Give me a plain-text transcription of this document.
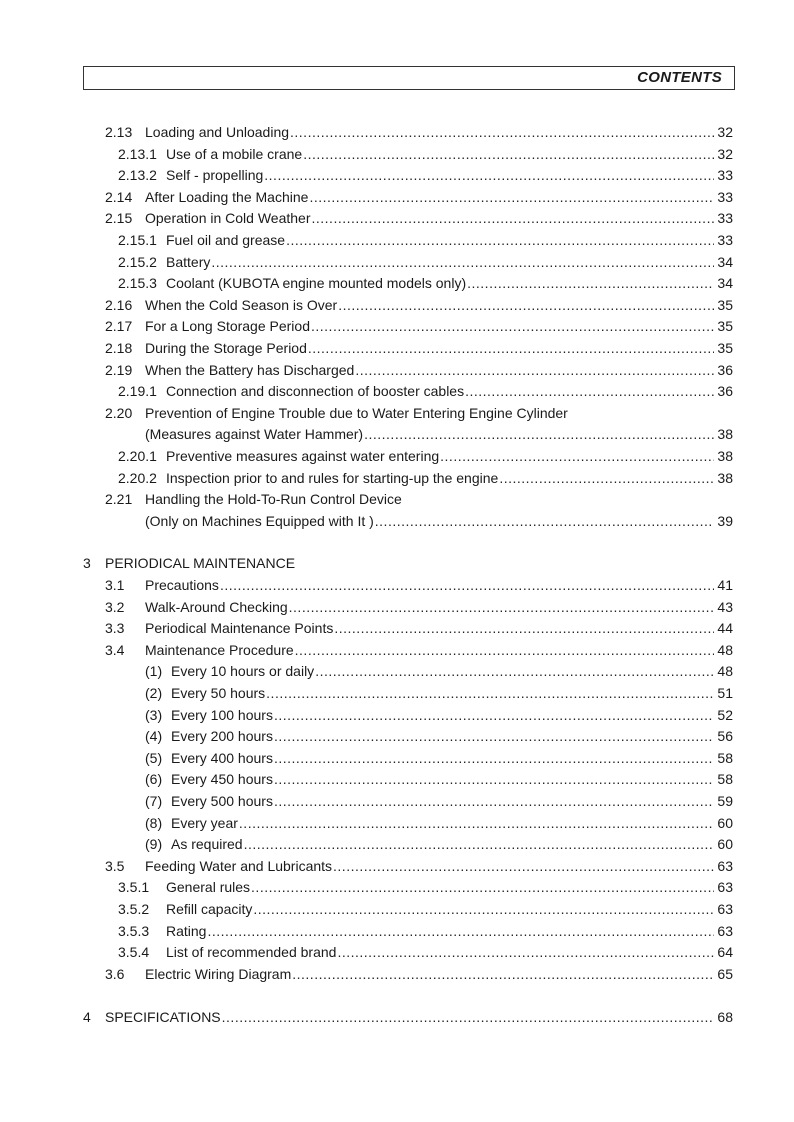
CONTENTS
2.13 Loading and Unloading .....	32
2.13.1 Use of a mobile crane .....	32
2.13.2 Self - propelling .....	33
2.14 After Loading the Machine .....	33
2.15 Operation in Cold Weather .....	33
2.15.1 Fuel oil and grease .....	33
2.15.2 Battery .....	34
2.15.3 Coolant (KUBOTA engine mounted models only) .....	34
2.16 When the Cold Season is Over .....	35
2.17 For a Long Storage Period .....	35
2.18 During the Storage Period .....	35
2.19 When the Battery has Discharged .....	36
2.19.1 Connection and disconnection of booster cables .....	36
2.20 Prevention of Engine Trouble due to Water Entering Engine Cylinder
(Measures against Water Hammer) .....	38
2.20.1 Preventive measures against water entering .....	38
2.20.2 Inspection prior to and rules for starting-up the engine .....	38
2.21 Handling the Hold-To-Run Control Device
(Only on Machines Equipped with It ) .....	39
3 PERIODICAL MAINTENANCE
3.1	Precautions .....	41
3.2	Walk-Around Checking .....	43
3.3	Periodical Maintenance Points .....	44
3.4	Maintenance Procedure .....	48
(1) Every 10 hours or daily .....	48
(2) Every 50 hours .....	51
(3) Every 100 hours .....	52
(4) Every 200 hours .....	56
(5) Every 400 hours .....	58
(6) Every 450 hours .....	58
(7) Every 500 hours .....	59
(8) Every year .....	60
(9) As required .....	60
3.5	Feeding Water and Lubricants .....	63
3.5.1	General rules .....	63
3.5.2	Refill capacity .....	63
3.5.3	Rating .....	63
3.5.4	List of recommended brand .....	64
3.6	Electric Wiring Diagram .....	65
4	SPECIFICATIONS .....	68
